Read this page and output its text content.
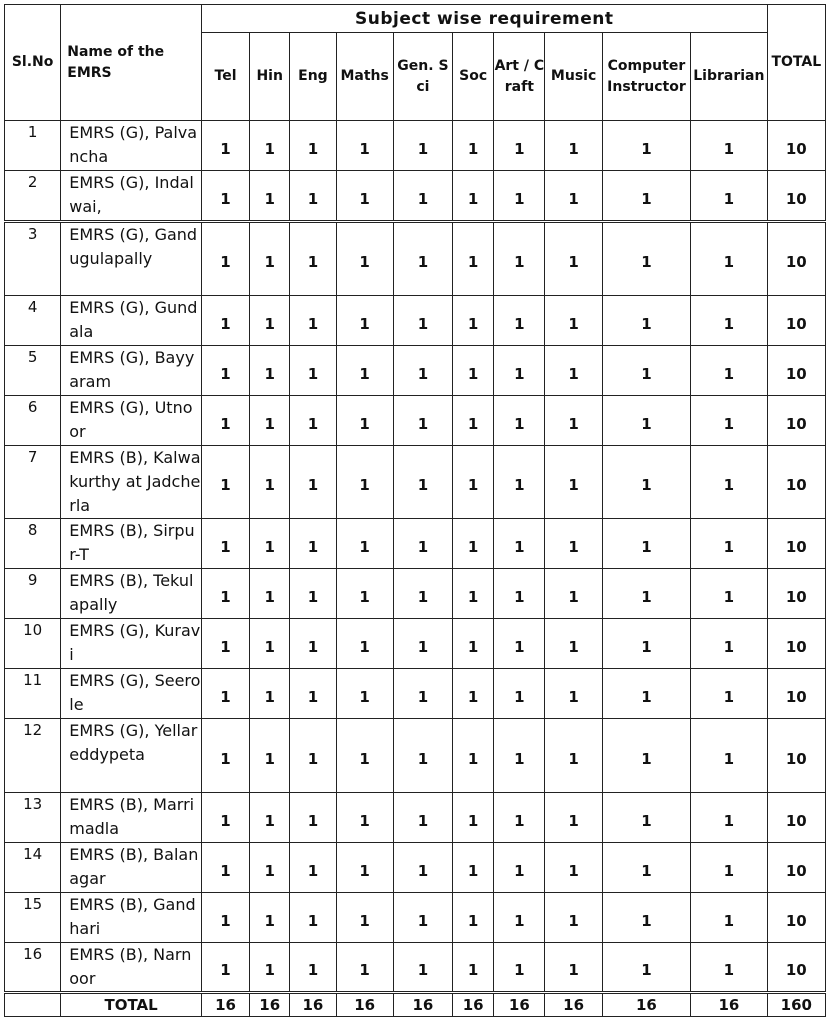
Sl.No	Name of the EMRS	Subject wise requirement										TOTAL
		Tel	Hin	Eng	Maths	Gen. Sci	Soc	Art / Craft	Music	Computer Instructor	Librarian	
1	EMRS (G), Palvancha	1	1	1	1	1	1	1	1	1	1	10
2	EMRS (G), Indalwai,	1	1	1	1	1	1	1	1	1	1	10
3	EMRS (G), Gandugulapally	1	1	1	1	1	1	1	1	1	1	10
4	EMRS (G), Gundala	1	1	1	1	1	1	1	1	1	1	10
5	EMRS (G), Bayyaram	1	1	1	1	1	1	1	1	1	1	10
6	EMRS (G), Utnoor	1	1	1	1	1	1	1	1	1	1	10
7	EMRS (B), Kalwakurthy at Jadcherla	1	1	1	1	1	1	1	1	1	1	10
8	EMRS (B), Sirpur-T	1	1	1	1	1	1	1	1	1	1	10
9	EMRS (B), Tekulapally	1	1	1	1	1	1	1	1	1	1	10
10	EMRS (G), Kuravi	1	1	1	1	1	1	1	1	1	1	10
11	EMRS (G), Seerole	1	1	1	1	1	1	1	1	1	1	10
12	EMRS (G), Yellareddypeta	1	1	1	1	1	1	1	1	1	1	10
13	EMRS (B), Marrimadla	1	1	1	1	1	1	1	1	1	1	10
14	EMRS (B), Balanagar	1	1	1	1	1	1	1	1	1	1	10
15	EMRS (B), Gandhari	1	1	1	1	1	1	1	1	1	1	10
16	EMRS (B), Narnoor	1	1	1	1	1	1	1	1	1	1	10
	TOTAL	16	16	16	16	16	16	16	16	16	16	160
